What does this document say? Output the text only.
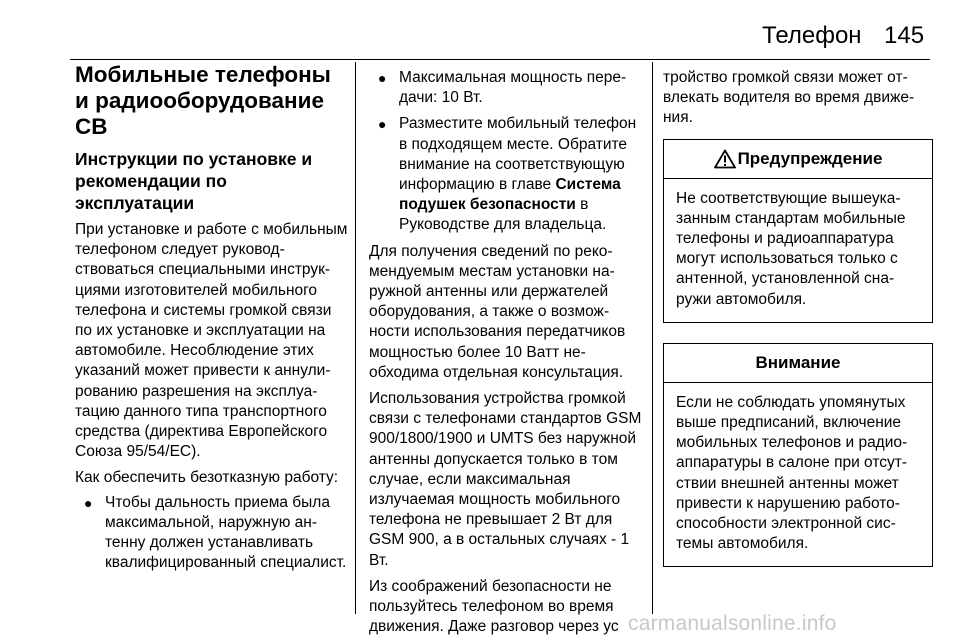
Телефон 145
Мобильные телефоны и радиооборудование СВ
Инструкции по установке и рекомендации по эксплуатации

При установке и работе с мобильным телефоном следует руководствоваться специальными инструкциями изготовителей мобильного телефона и системы громкой связи по их установке и эксплуатации на автомобиле. Несоблюдение этих указаний может привести к аннулированию разрешения на эксплуатацию данного типа транспортного средства (директива Европейского Союза 95/54/EC).

Как обеспечить безотказную работу:

● Чтобы дальность приема была максимальной, наружную антенну должен устанавливать квалифицированный специалист.
● Максимальная мощность передачи: 10 Вт.
● Разместите мобильный телефон в подходящем месте. Обратите внимание на соответствующую информацию в главе Система подушек безопасности в Руководстве для владельца.

Для получения сведений по рекомендуемым местам установки наружной антенны или держателей оборудования, а также о возможности использования передатчиков мощностью более 10 Ватт необходима отдельная консультация.

Использования устройства громкой связи с телефонами стандартов GSM 900/1800/1900 и UMTS без наружной антенны допускается только в том случае, если максимальная излучаемая мощность мобильного телефона не превышает 2 Вт для GSM 900, а в остальных случаях - 1 Вт.

Из соображений безопасности не пользуйтесь телефоном во время движения. Даже разговор через ус

тройство громкой связи может отвлекать водителя во время движения.

Предупреждение
Не соответствующие вышеуказанным стандартам мобильные телефоны и радиоаппаратура могут использоваться только с антенной, установленной снаружи автомобиля.
Внимание
Если не соблюдать упомянутых выше предписаний, включение мобильных телефонов и радиоаппаратуры в салоне при отсутствии внешней антенны может привести к нарушению работоспособности электронной системы автомобиля.
carmanualsonline.info
